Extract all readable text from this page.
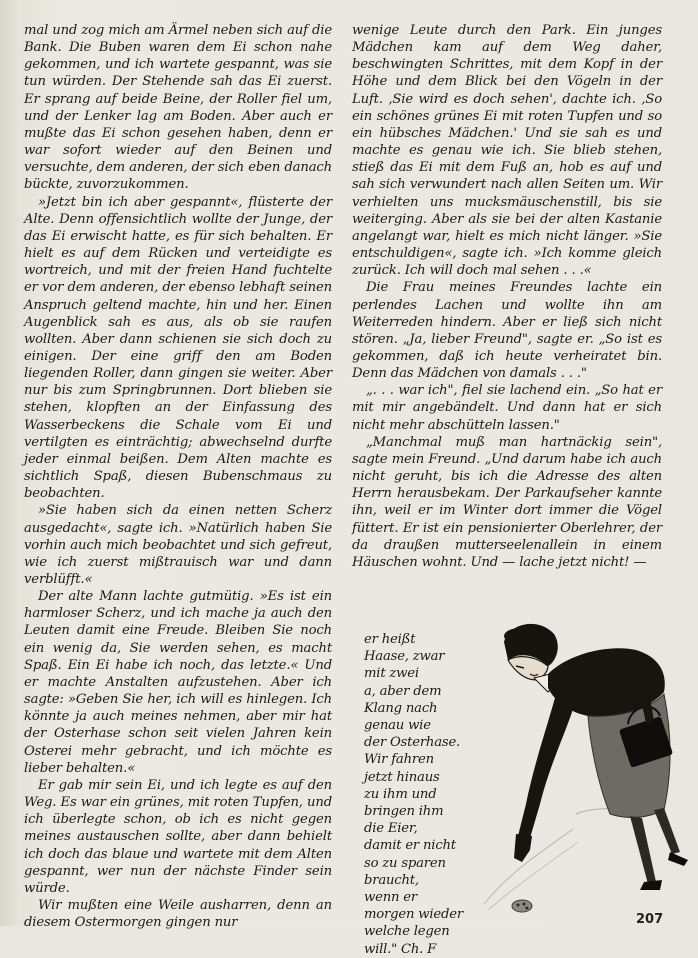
mal und zog mich am Ärmel neben sich auf die Bank. Die Buben waren dem Ei schon nahe gekommen, und ich wartete gespannt, was sie tun würden. Der Stehende sah das Ei zuerst. Er sprang auf beide Beine, der Roller fiel um, und der Lenker lag am Boden. Aber auch er mußte das Ei schon gesehen haben, denn er war sofort wieder auf den Beinen und versuchte, dem anderen, der sich eben danach bückte, zuvorzukommen.

»Jetzt bin ich aber gespannt«, flüsterte der Alte. Denn offensichtlich wollte der Junge, der das Ei erwischt hatte, es für sich behalten. Er hielt es auf dem Rücken und verteidigte es wortreich, und mit der freien Hand fuchtelte er vor dem anderen, der ebenso lebhaft seinen Anspruch geltend machte, hin und her. Einen Augenblick sah es aus, als ob sie raufen wollten. Aber dann schienen sie sich doch zu einigen. Der eine griff den am Boden liegenden Roller, dann gingen sie weiter. Aber nur bis zum Springbrunnen. Dort blieben sie stehen, klopften an der Einfassung des Wasserbeckens die Schale vom Ei und vertilgten es einträchtig; abwechselnd durfte jeder einmal beißen. Dem Alten machte es sichtlich Spaß, diesen Bubenschmaus zu beobachten.

»Sie haben sich da einen netten Scherz ausgedacht«, sagte ich. »Natürlich haben Sie vorhin auch mich beobachtet und sich gefreut, wie ich zuerst mißtrauisch war und dann verblüfft.«

Der alte Mann lachte gutmütig. »Es ist ein harmloser Scherz, und ich mache ja auch den Leuten damit eine Freude. Bleiben Sie noch ein wenig da, Sie werden sehen, es macht Spaß. Ein Ei habe ich noch, das letzte.« Und er machte Anstalten aufzustehen. Aber ich sagte: »Geben Sie her, ich will es hinlegen. Ich könnte ja auch meines nehmen, aber mir hat der Osterhase schon seit vielen Jahren kein Osterei mehr gebracht, und ich möchte es lieber behalten.«

Er gab mir sein Ei, und ich legte es auf den Weg. Es war ein grünes, mit roten Tupfen, und ich überlegte schon, ob ich es nicht gegen meines austauschen sollte, aber dann behielt ich doch das blaue und wartete mit dem Alten gespannt, wer nun der nächste Finder sein würde.

Wir mußten eine Weile ausharren, denn an diesem Ostermorgen gingen nur

wenige Leute durch den Park. Ein junges Mädchen kam auf dem Weg daher, beschwingten Schrittes, mit dem Kopf in der Höhe und dem Blick bei den Vögeln in der Luft. ‚Sie wird es doch sehen', dachte ich. ‚So ein schönes grünes Ei mit roten Tupfen und so ein hübsches Mädchen.' Und sie sah es und machte es genau wie ich. Sie blieb stehen, stieß das Ei mit dem Fuß an, hob es auf und sah sich verwundert nach allen Seiten um. Wir verhielten uns mucksmäuschenstill, bis sie weiterging. Aber als sie bei der alten Kastanie angelangt war, hielt es mich nicht länger. »Sie entschuldigen«, sagte ich. »Ich komme gleich zurück. Ich will doch mal sehen . . .«

Die Frau meines Freundes lachte ein perlendes Lachen und wollte ihn am Weiterreden hindern. Aber er ließ sich nicht stören. „Ja, lieber Freund", sagte er. „So ist es gekommen, daß ich heute verheiratet bin. Denn das Mädchen von damals . . ."

„. . . war ich", fiel sie lachend ein. „So hat er mit mir angebändelt. Und dann hat er sich nicht mehr abschütteln lassen."

„Manchmal muß man hartnäckig sein", sagte mein Freund. „Und darum habe ich auch nicht geruht, bis ich die Adresse des alten Herrn herausbekam. Der Parkaufseher kannte ihn, weil er im Winter dort immer die Vögel füttert. Er ist ein pensionierter Oberlehrer, der da draußen mutterseelenallein in einem Häuschen wohnt. Und — lache jetzt nicht! —

er heißt
Haase, zwar
mit zwei
a, aber dem
Klang nach
genau wie
der Osterhase.
Wir fahren
jetzt hinaus
zu ihm und
bringen ihm
die Eier,
damit er nicht
so zu sparen
braucht,
wenn er
morgen wieder
welche legen
will." Ch. F

207
